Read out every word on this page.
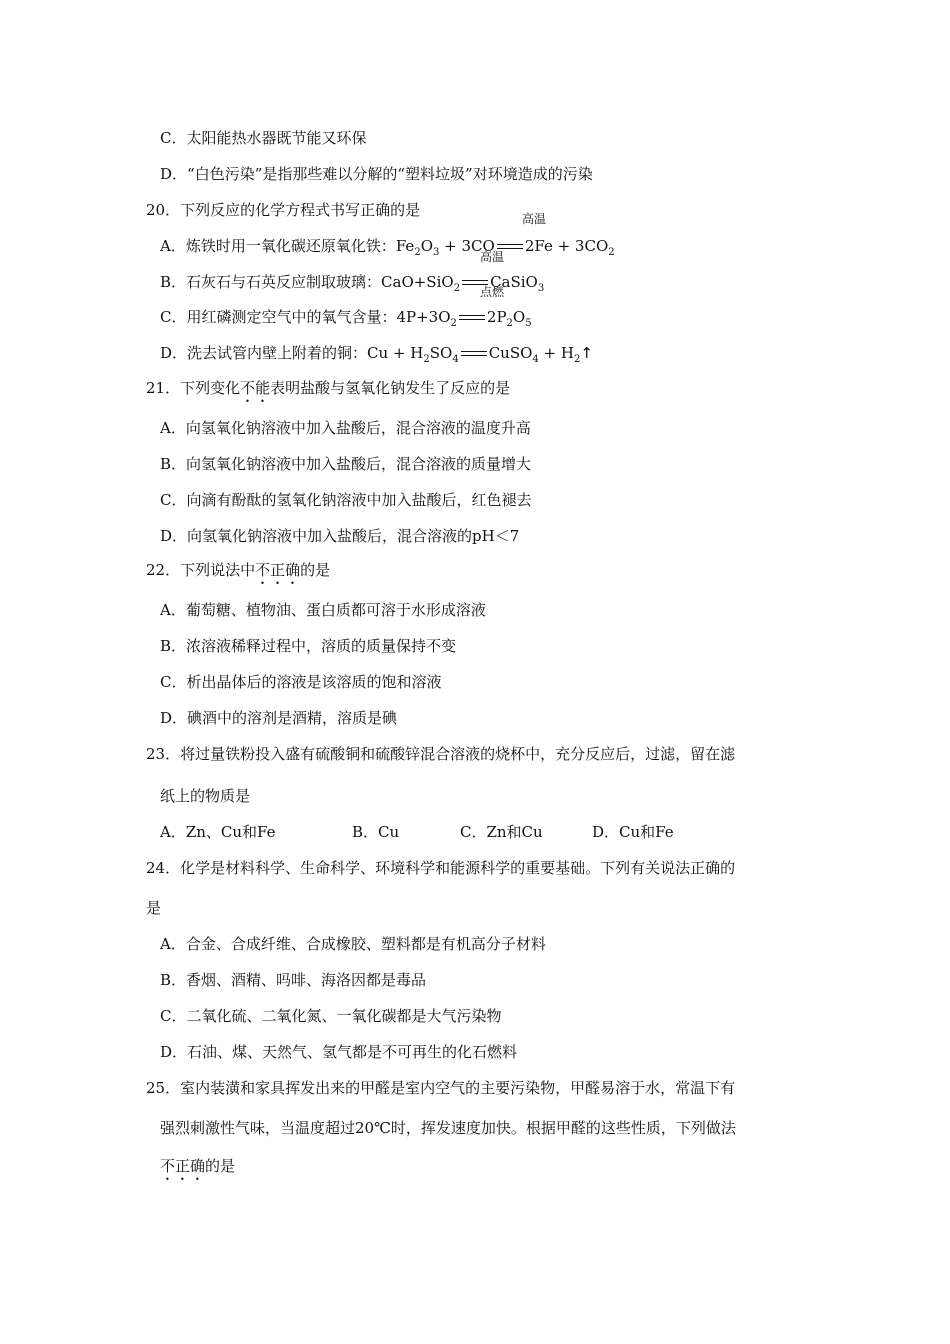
C．太阳能热水器既节能又环保
D．“白色污染”是指那些难以分解的“塑料垃圾”对环境造成的污染
20．下列反应的化学方程式书写正确的是	高温
A．炼铁时用一氧化碳还原氧化铁：$Fe_2O_3 + 3CO$ $2Fe + 3CO_2$
高温
B．石灰石与石英反应制取玻璃：CaO+SiO$_2$ CaSiO$_3$
点燃
C．用红磷测定空气中的氧气含量：$4P+3O_2$ $2P_2O_5$
D．洗去试管内壁上附着的铜：$Cu + H_2SO_4$ CuSO$_4$ + $H_2↑$
21．下列变化不能表明盐酸与氢氧化钠发生了反应的是
A．向氢氧化钠溶液中加入盐酸后，混合溶液的温度升高
B．向氢氧化钠溶液中加入盐酸后，混合溶液的质量增大
C．向滴有酚酞的氢氧化钠溶液中加入盐酸后，红色褪去
D．向氢氧化钠溶液中加入盐酸后，混合溶液的pH＜7
22．下列说法中不正确的是
A．葡萄糖、植物油、蛋白质都可溶于水形成溶液
B．浓溶液稀释过程中，溶质的质量保持不变
C．析出晶体后的溶液是该溶质的饱和溶液
D．碘酒中的溶剂是酒精，溶质是碘
23．将过量铁粉投入盛有硫酸铜和硫酸锌混合溶液的烧杯中，充分反应后，过滤，留在滤
纸上的物质是
A．Zn、Cu和Fe	B．Cu	C．Zn和Cu	D．Cu和Fe
24．化学是材料科学、生命科学、环境科学和能源科学的重要基础。下列有关说法正确的
是
A．合金、合成纤维、合成橡胶、塑料都是有机高分子材料
B．香烟、酒精、吗啡、海洛因都是毒品
C．二氧化硫、二氧化氮、一氧化碳都是大气污染物
D．石油、煤、天然气、氢气都是不可再生的化石燃料
25．室内装潢和家具挥发出来的甲醛是室内空气的主要污染物，甲醛易溶于水，常温下有
强烈刺激性气味，当温度超过20℃时，挥发速度加快。根据甲醛的这些性质，下列做法
不正确的是
